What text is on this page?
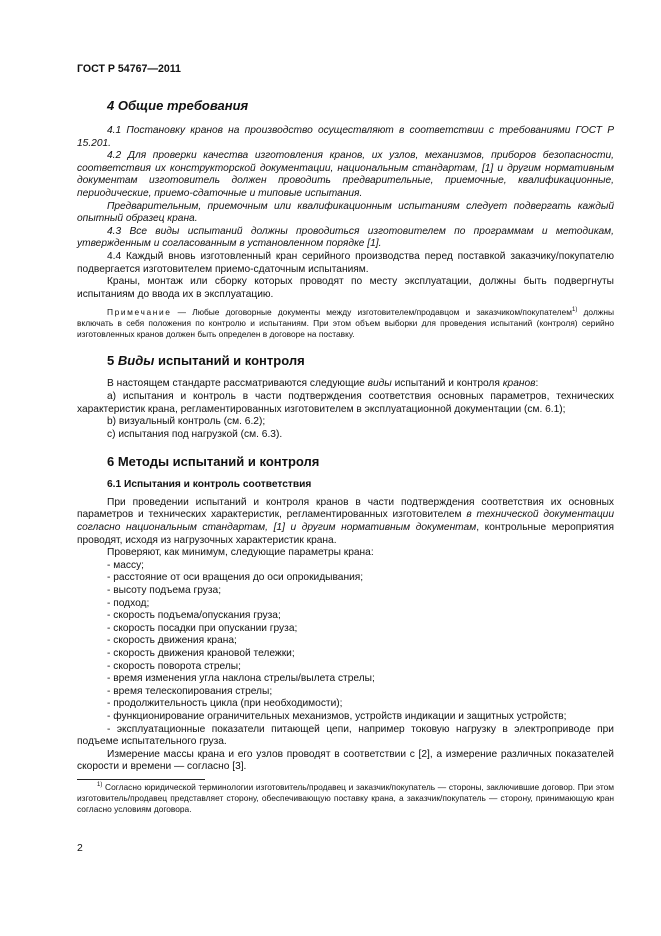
ГОСТ Р 54767—2011
4 Общие требования

4.1 Постановку кранов на производство осуществляют в соответствии с требованиями ГОСТ Р 15.201.

4.2 Для проверки качества изготовления кранов, их узлов, механизмов, приборов безопасности, соответствия их конструкторской документации, национальным стандартам, [1] и другим нормативным документам изготовитель должен проводить предварительные, приемочные, квалификационные, периодические, приемо-сдаточные и типовые испытания.

Предварительным, приемочным или квалификационным испытаниям следует подвергать каждый опытный образец крана.

4.3 Все виды испытаний должны проводиться изготовителем по программам и методикам, утвержденным и согласованным в установленном порядке [1].

4.4 Каждый вновь изготовленный кран серийного производства перед поставкой заказчику/покупателю подвергается изготовителем приемо-сдаточным испытаниям.

Краны, монтаж или сборку которых проводят по месту эксплуатации, должны быть подвергнуты испытаниям до ввода их в эксплуатацию.

Примечание — Любые договорные документы между изготовителем/продавцом и заказчиком/покупателем$^{1)}$ должны включать в себя положения по контролю и испытаниям. При этом объем выборки для проведения испытаний (контроля) серийно изготовленных кранов должен быть определен в договоре на поставку.

5 Виды испытаний и контроля

В настоящем стандарте рассматриваются следующие виды испытаний и контроля кранов:

а) испытания и контроль в части подтверждения соответствия основных параметров, технических характеристик крана, регламентированных изготовителем в эксплуатационной документации (см. 6.1);

b) визуальный контроль (см. 6.2);

с) испытания под нагрузкой (см. 6.3).

6 Методы испытаний и контроля
6.1 Испытания и контроль соответствия

При проведении испытаний и контроля кранов в части подтверждения соответствия их основных параметров и технических характеристик, регламентированных изготовителем в технической документации согласно национальным стандартам, [1] и другим нормативным документам, контрольные мероприятия проводят, исходя из нагрузочных характеристик крана.

Проверяют, как минимум, следующие параметры крана:

- массу;
- расстояние от оси вращения до оси опрокидывания;
- высоту подъема груза;
- подход;
- скорость подъема/опускания груза;
- скорость посадки при опускании груза;
- скорость движения крана;
- скорость движения крановой тележки;
- скорость поворота стрелы;
- время изменения угла наклона стрелы/вылета стрелы;
- время телескопирования стрелы;
- продолжительность цикла (при необходимости);
- функционирование ограничительных механизмов, устройств индикации и защитных устройств;

- эксплуатационные показатели питающей цепи, например токовую нагрузку в электроприводе при подъеме испытательного груза.

Измерение массы крана и его узлов проводят в соответствии с [2], а измерение различных показателей скорости и времени — согласно [3].

$^{1)}$ Согласно юридической терминологии изготовитель/продавец и заказчик/покупатель — стороны, заключившие договор. При этом изготовитель/продавец представляет сторону, обеспечивающую поставку крана, а заказчик/покупатель — сторону, принимающую кран согласно условиям договора.

2
